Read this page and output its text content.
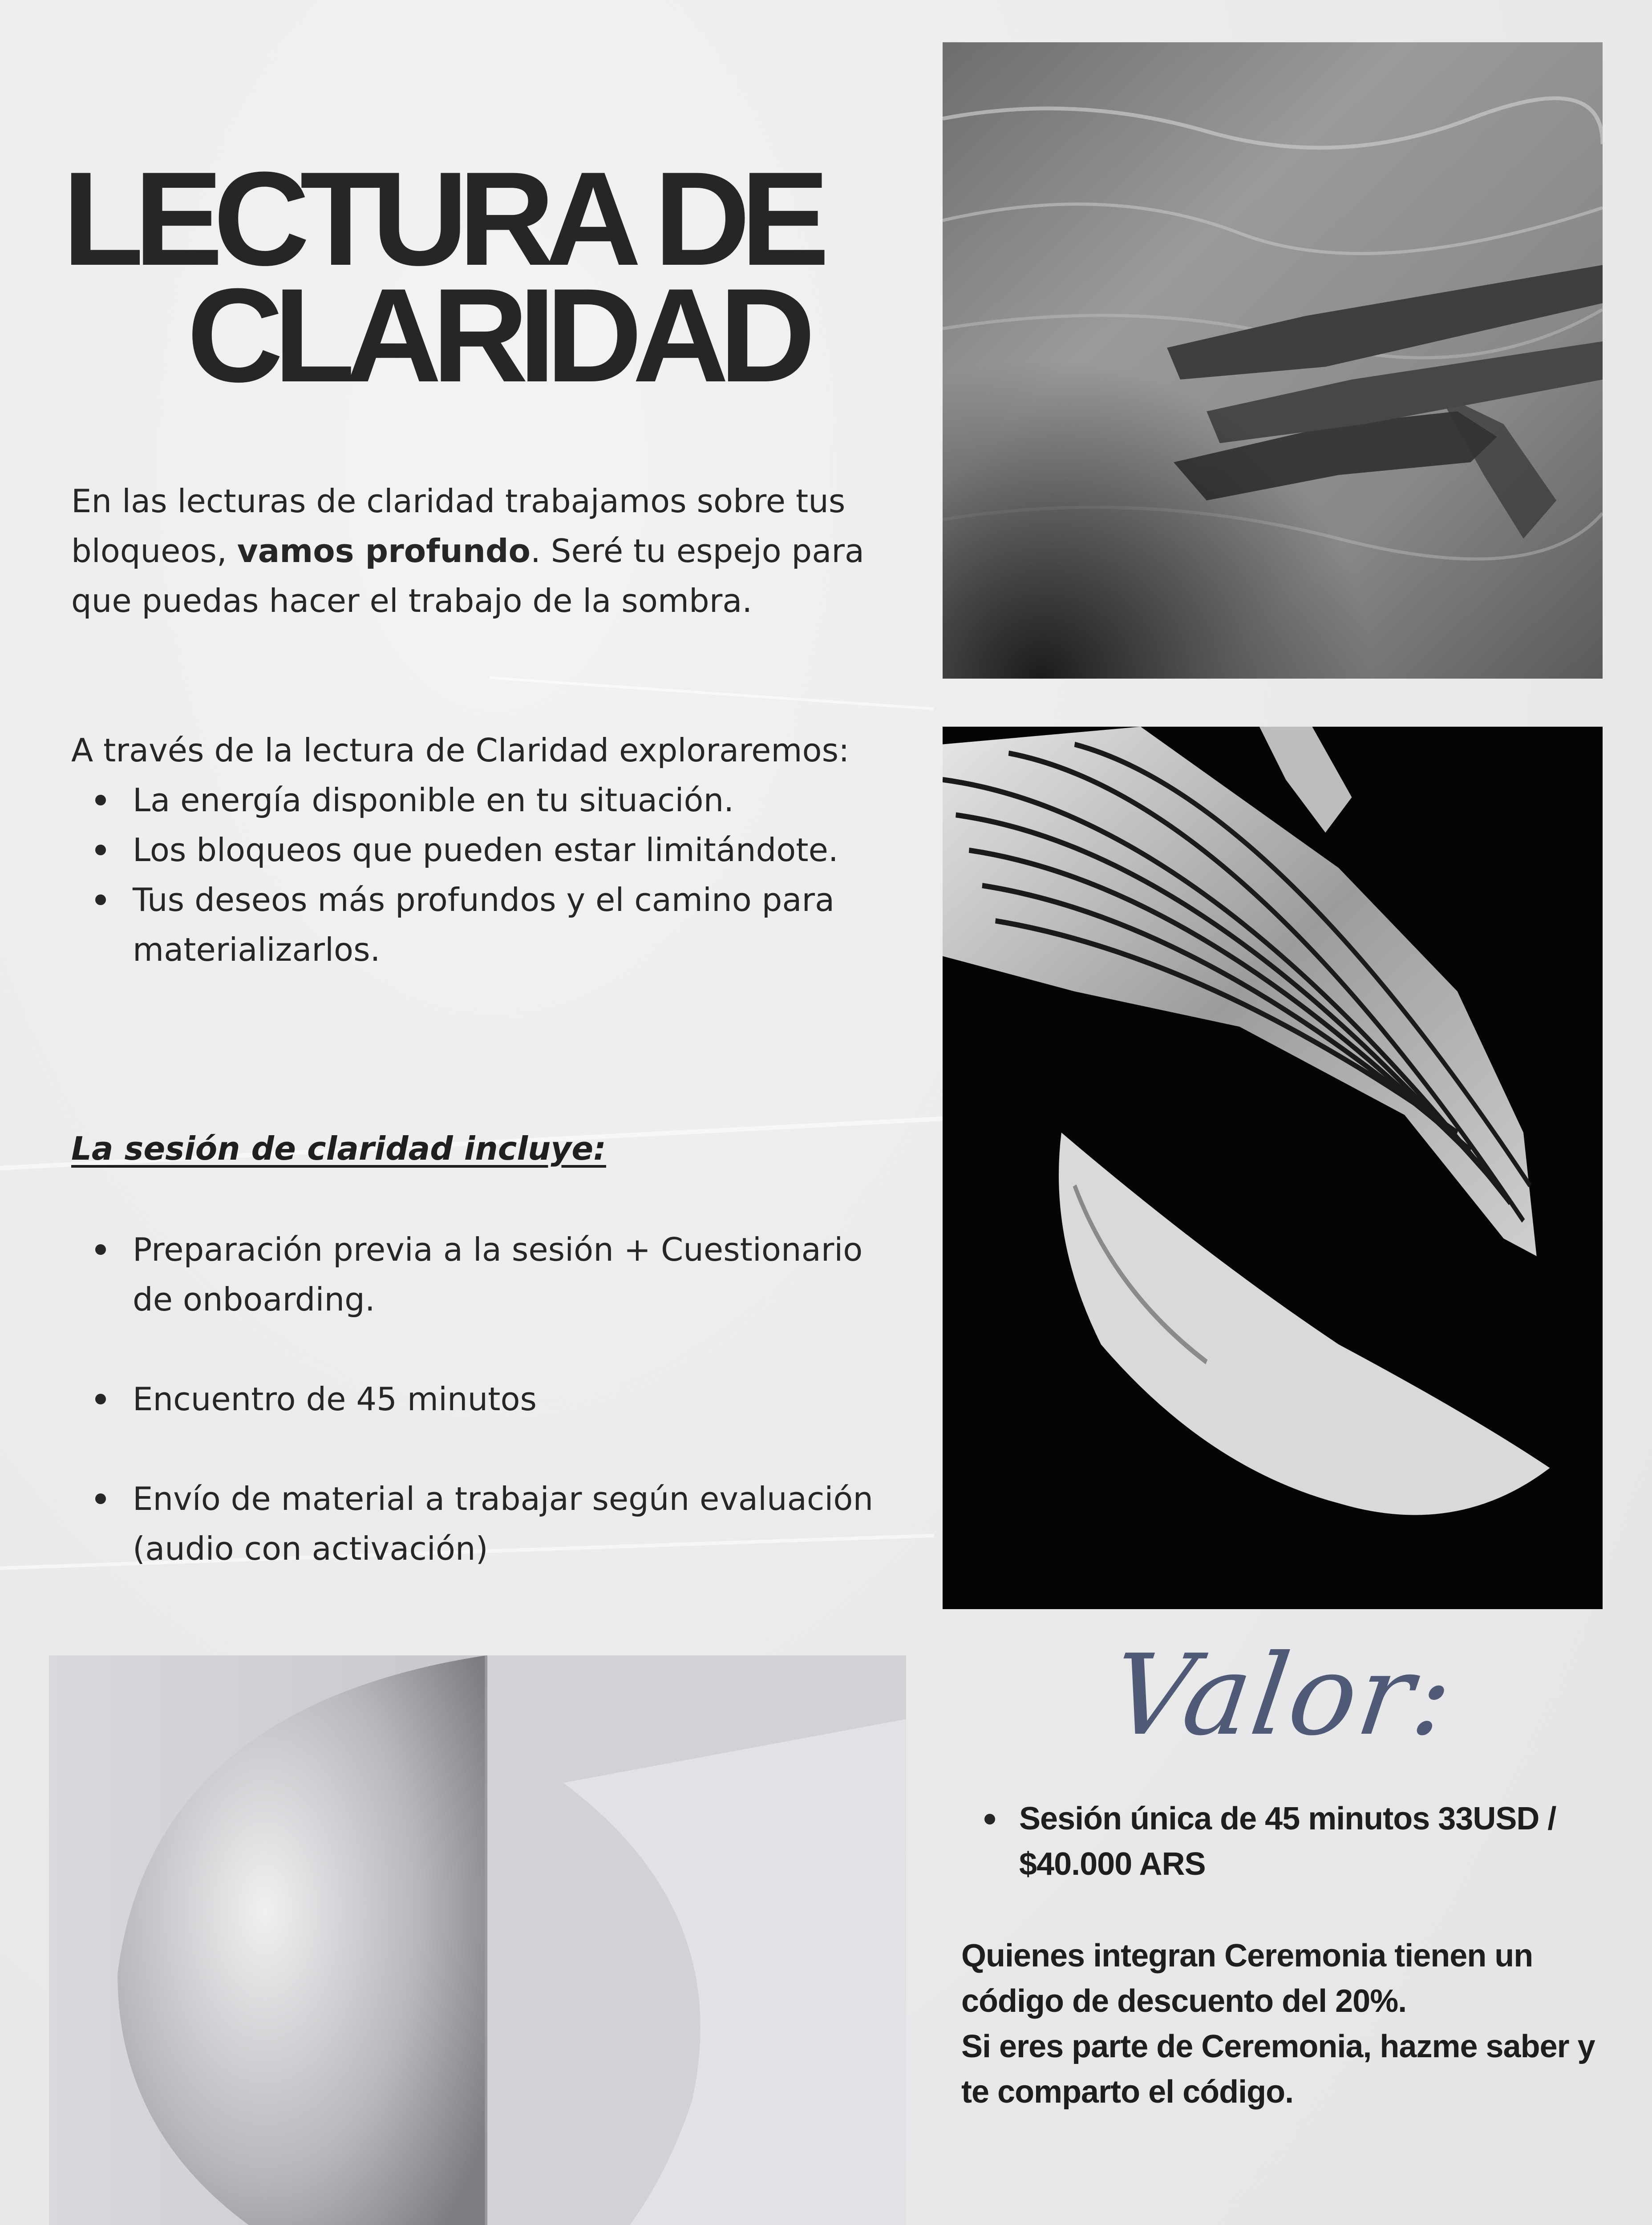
LECTURA DE
CLARIDAD

En las lecturas de claridad trabajamos sobre tus bloqueos, vamos profundo. Seré tu espejo para que puedas hacer el trabajo de la sombra.

A través de la lectura de Claridad exploraremos:

La energía disponible en tu situación.
Los bloqueos que pueden estar limitándote.
Tus deseos más profundos y el camino para materializarlos.
La sesión de claridad incluye:
Preparación previa a la sesión + Cuestionario de onboarding.
Encuentro de 45 minutos
Envío de material a trabajar según evaluación (audio con activación)
Valor:
Sesión única de 45 minutos 33USD / $40.000 ARS

Quienes integran Ceremonia tienen un código de descuento del 20%.
Si eres parte de Ceremonia, hazme saber y te comparto el código.
